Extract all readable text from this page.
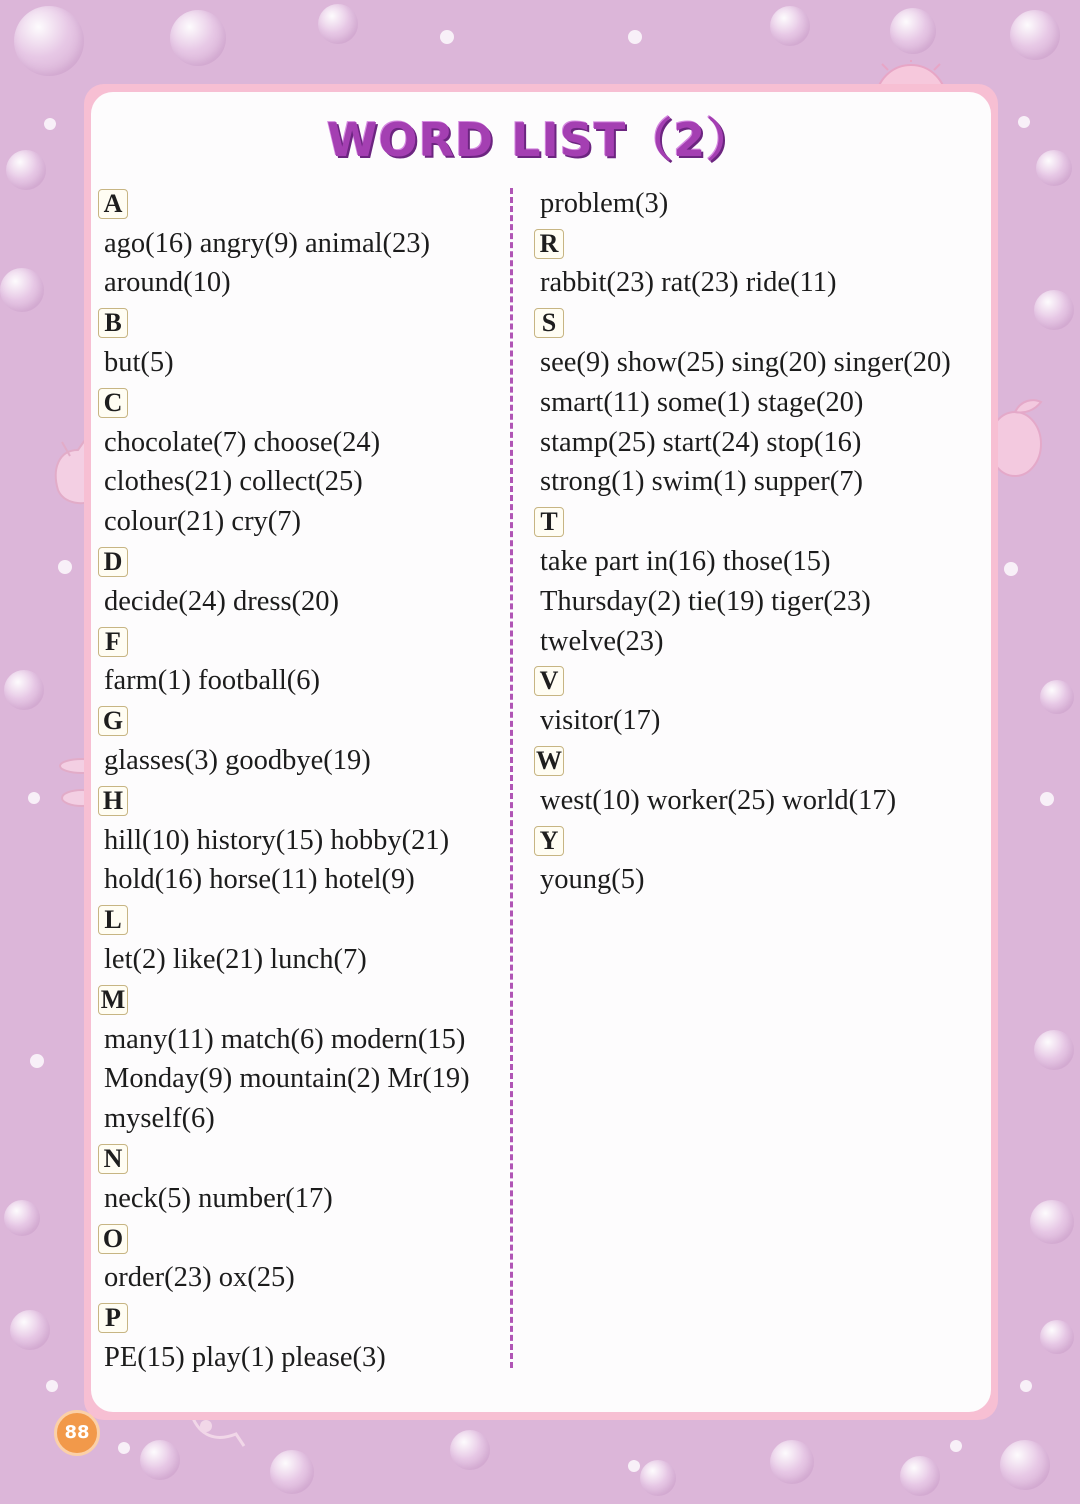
WORD LIST（2）
A
ago(16) angry(9) animal(23)
around(10)
B
but(5)
C
chocolate(7) choose(24)
clothes(21) collect(25)
colour(21) cry(7)
D
decide(24) dress(20)
F
farm(1) football(6)
G
glasses(3) goodbye(19)
H
hill(10) history(15) hobby(21)
hold(16) horse(11) hotel(9)
L
let(2) like(21) lunch(7)
M
many(11) match(6) modern(15)
Monday(9) mountain(2) Mr(19)
myself(6)
N
neck(5) number(17)
O
order(23) ox(25)
P
PE(15) play(1) please(3)
problem(3)
R
rabbit(23) rat(23) ride(11)
S
see(9) show(25) sing(20) singer(20)
smart(11) some(1) stage(20)
stamp(25) start(24) stop(16)
strong(1) swim(1) supper(7)
T
take part in(16) those(15)
Thursday(2) tie(19) tiger(23)
twelve(23)
V
visitor(17)
W
west(10) worker(25) world(17)
Y
young(5)
88
